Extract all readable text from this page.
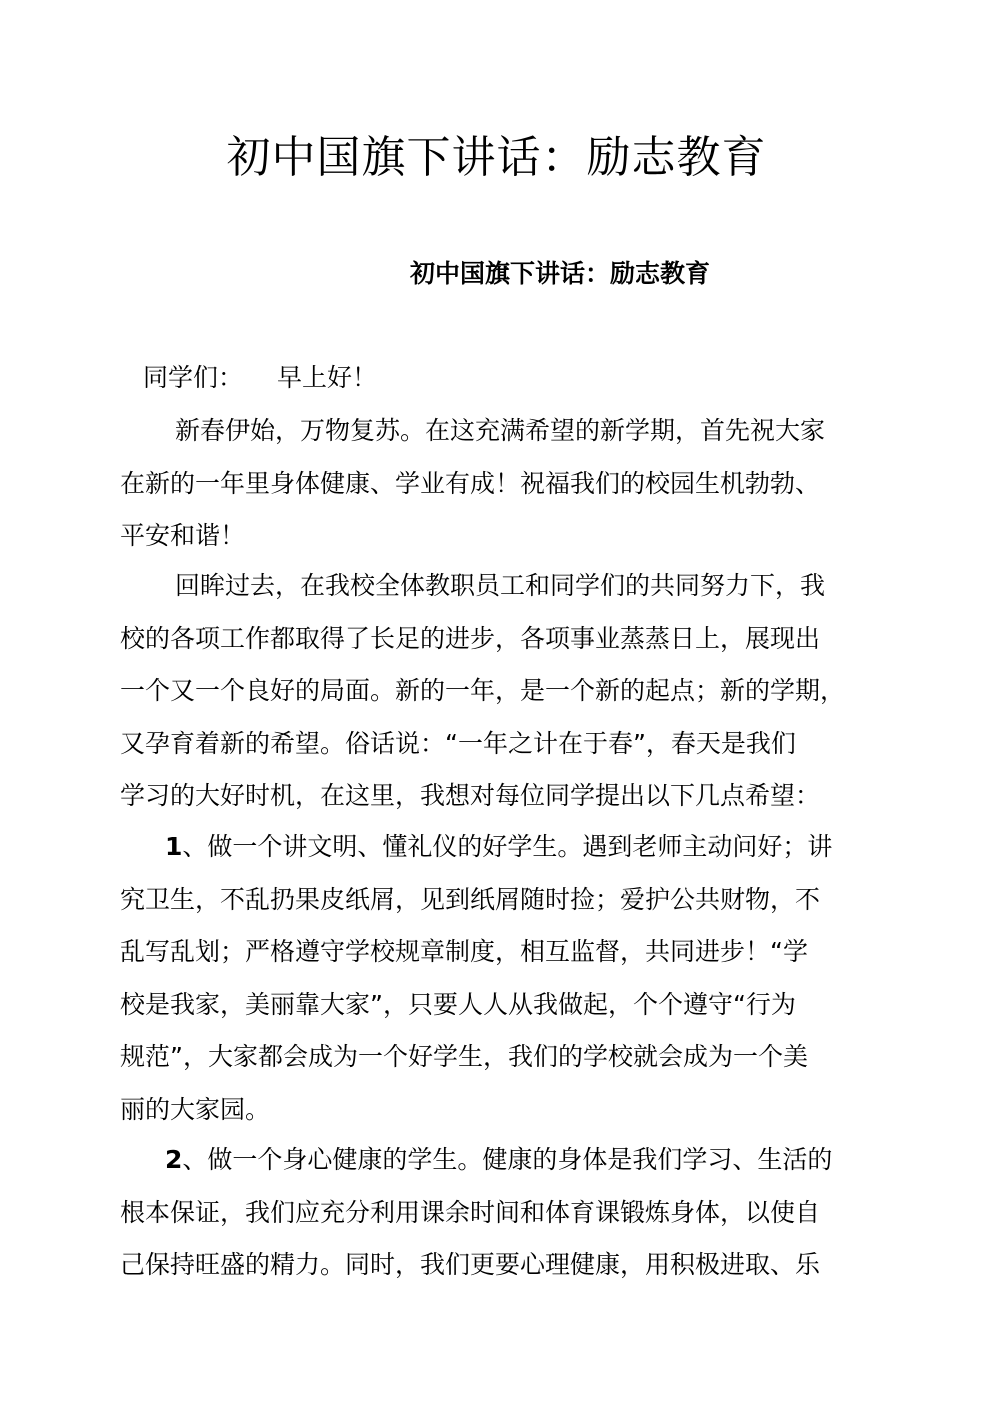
初中国旗下讲话：励志教育
初中国旗下讲话：励志教育

同学们： 早上好！

新春伊始，万物复苏。在这充满希望的新学期，首先祝大家
在新的一年里身体健康、学业有成！祝福我们的校园生机勃勃、
平安和谐！
回眸过去，在我校全体教职员工和同学们的共同努力下，我
校的各项工作都取得了长足的进步，各项事业蒸蒸日上，展现出
一个又一个良好的局面。新的一年，是一个新的起点；新的学期，
又孕育着新的希望。俗话说：“一年之计在于春”，春天是我们
学习的大好时机，在这里，我想对每位同学提出以下几点希望：
1、做一个讲文明、懂礼仪的好学生。遇到老师主动问好；讲
究卫生，不乱扔果皮纸屑，见到纸屑随时捡；爱护公共财物，不
乱写乱划；严格遵守学校规章制度，相互监督，共同进步！“学
校是我家，美丽靠大家”，只要人人从我做起，个个遵守“行为
规范”，大家都会成为一个好学生，我们的学校就会成为一个美
丽的大家园。
2、做一个身心健康的学生。健康的身体是我们学习、生活的
根本保证，我们应充分利用课余时间和体育课锻炼身体，以使自
己保持旺盛的精力。同时，我们更要心理健康，用积极进取、乐
